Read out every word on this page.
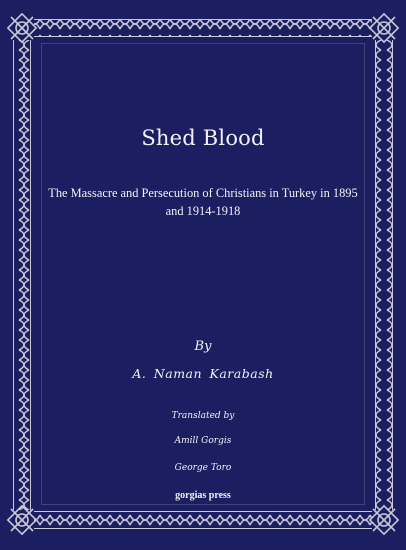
Shed Blood
The Massacre and Persecution of Christians in Turkey in 1895 and 1914-1918
By
A. Naman Karabash
Translated by
Amill Gorgis
George Toro
gorgias press
